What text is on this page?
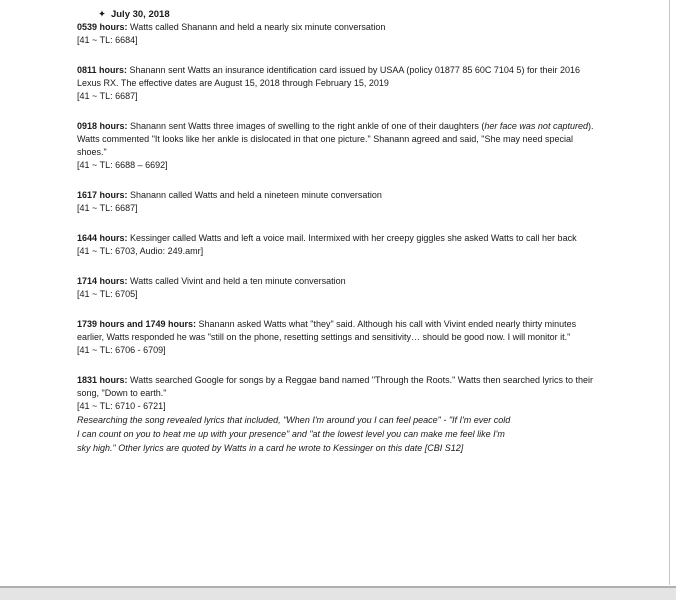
✦ July 30, 2018

0539 hours: Watts called Shanann and held a nearly six minute conversation

[41 ~ TL: 6684]

0811 hours: Shanann sent Watts an insurance identification card issued by USAA (policy 01877 85 60C 7104 5) for their 2016 Lexus RX. The effective dates are August 15, 2018 through February 15, 2019

[41 ~ TL: 6687]

0918 hours: Shanann sent Watts three images of swelling to the right ankle of one of their daughters (her face was not captured). Watts commented "It looks like her ankle is dislocated in that one picture." Shanann agreed and said, "She may need special shoes."

[41 ~ TL: 6688 – 6692]

1617 hours: Shanann called Watts and held a nineteen minute conversation

[41 ~ TL: 6687]

1644 hours: Kessinger called Watts and left a voice mail. Intermixed with her creepy giggles she asked Watts to call her back

[41 ~ TL: 6703, Audio: 249.amr]

1714 hours: Watts called Vivint and held a ten minute conversation

[41 ~ TL: 6705]

1739 hours and 1749 hours: Shanann asked Watts what "they" said. Although his call with Vivint ended nearly thirty minutes earlier, Watts responded he was "still on the phone, resetting settings and sensitivity… should be good now. I will monitor it."

[41 ~ TL: 6706 - 6709]

1831 hours: Watts searched Google for songs by a Reggae band named "Through the Roots." Watts then searched lyrics to their song, "Down to earth."

[41 ~ TL: 6710 - 6721]

Researching the song revealed lyrics that included, "When I'm around you I can feel peace" - "If I'm ever cold I can count on you to heat me up with your presence" and "at the lowest level you can make me feel like I'm sky high." Other lyrics are quoted by Watts in a card he wrote to Kessinger on this date [CBI S12]
